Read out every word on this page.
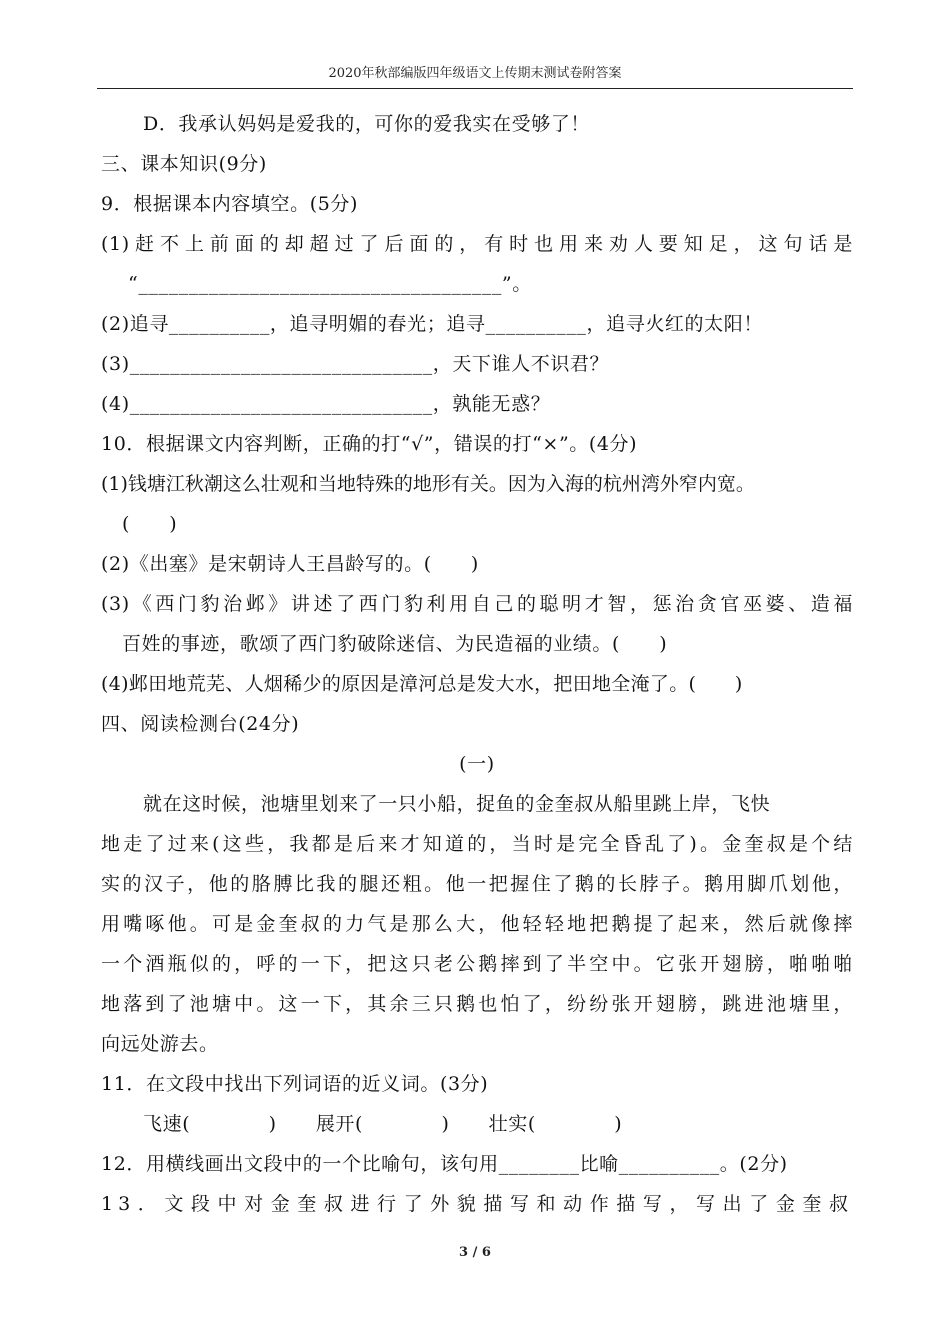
2020年秋部编版四年级语文上传期末测试卷附答案
D．我承认妈妈是爱我的，可你的爱我实在受够了！
三、课本知识(9分)
9．根据课本内容填空。(5分)
(1)赶不上前面的却超过了后面的，有时也用来劝人要知足，这句话是
“____________________________________”。
(2)追寻__________，追寻明媚的春光；追寻__________，追寻火红的太阳！
(3)______________________________，天下谁人不识君？
(4)______________________________，孰能无惑？
10．根据课文内容判断，正确的打“√”，错误的打“×”。(4分)
(1)钱塘江秋潮这么壮观和当地特殊的地形有关。因为入海的杭州湾外窄内宽。
(　　)
(2)《出塞》是宋朝诗人王昌龄写的。(　　)
(3)《西门豹治邺》讲述了西门豹利用自己的聪明才智，惩治贪官巫婆、造福
百姓的事迹，歌颂了西门豹破除迷信、为民造福的业绩。(　　)
(4)邺田地荒芜、人烟稀少的原因是漳河总是发大水，把田地全淹了。(　　)
四、阅读检测台(24分)
(一)
就在这时候，池塘里划来了一只小船，捉鱼的金奎叔从船里跳上岸，飞快
地走了过来(这些，我都是后来才知道的，当时是完全昏乱了)。金奎叔是个结
实的汉子，他的胳膊比我的腿还粗。他一把握住了鹅的长脖子。鹅用脚爪划他，
用嘴啄他。可是金奎叔的力气是那么大，他轻轻地把鹅提了起来，然后就像摔
一个酒瓶似的，呼的一下，把这只老公鹅摔到了半空中。它张开翅膀，啪啪啪
地落到了池塘中。这一下，其余三只鹅也怕了，纷纷张开翅膀，跳进池塘里，
向远处游去。
11．在文段中找出下列词语的近义词。(3分)
飞速(　　　　)　　展开(　　　　)　　壮实(　　　　)
12．用横线画出文段中的一个比喻句，该句用________比喻__________。(2分)
13．文段中对金奎叔进行了外貌描写和动作描写，写出了金奎叔
3 / 6
